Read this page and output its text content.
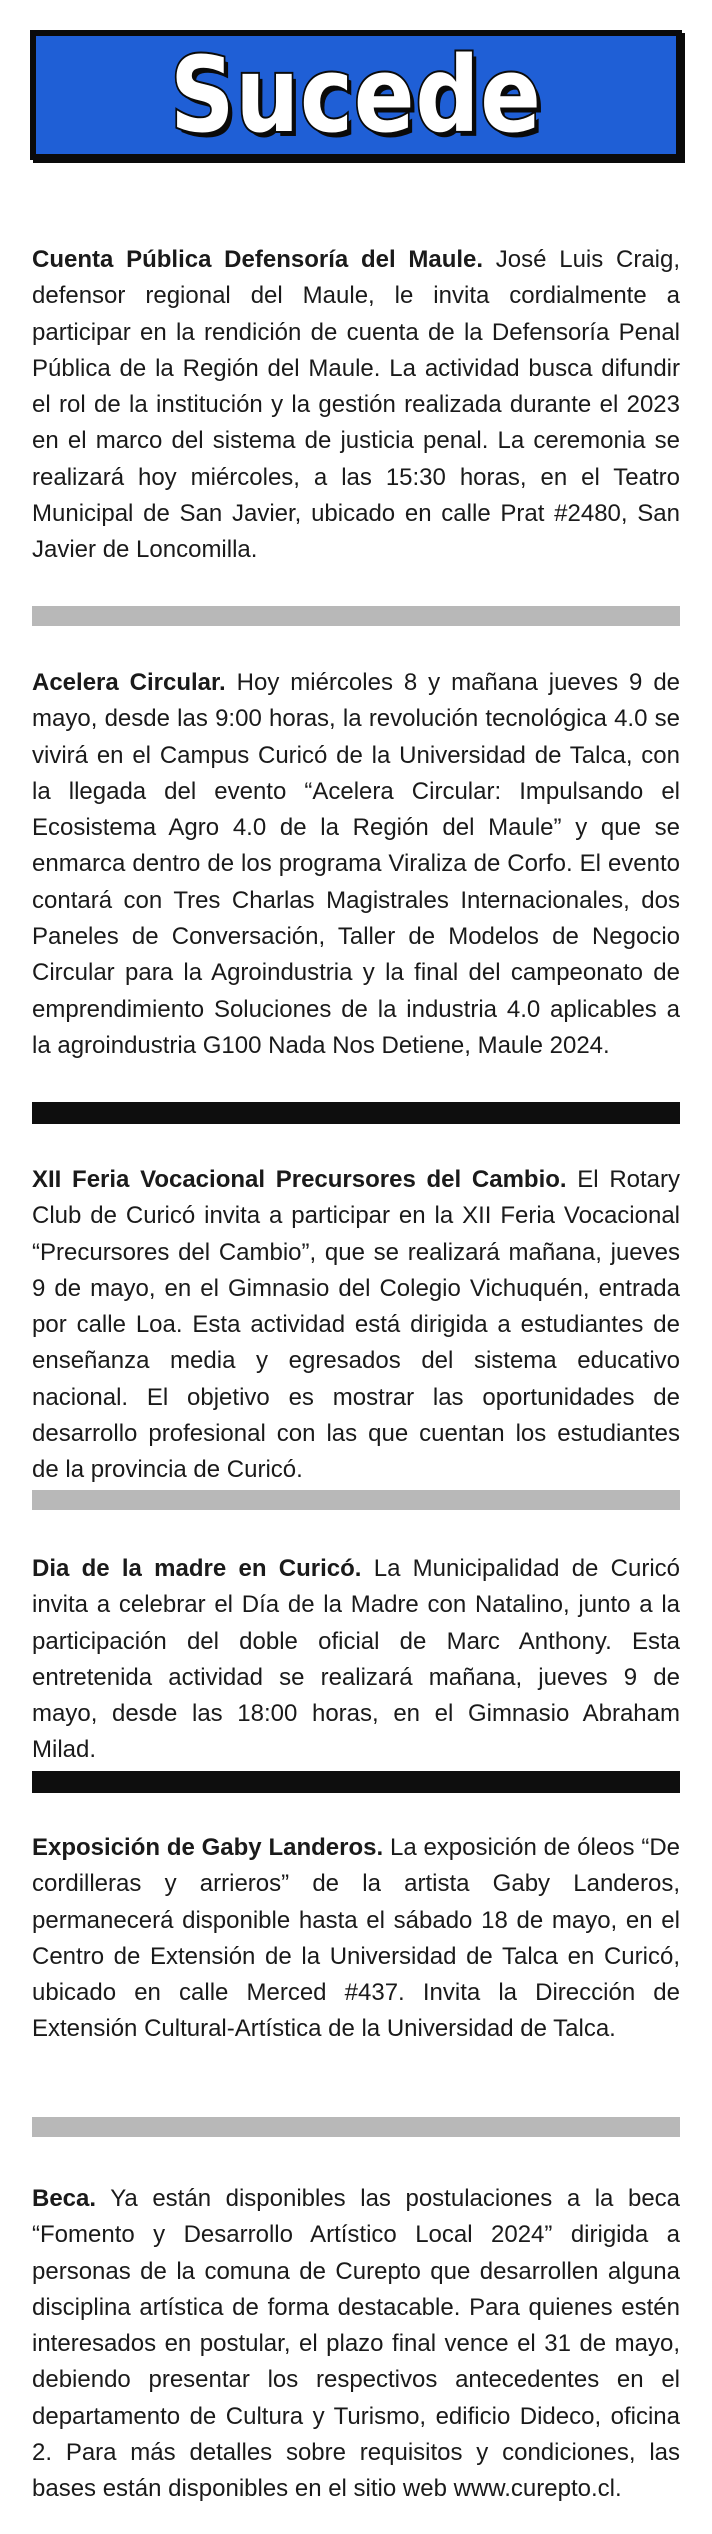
Sucede

Cuenta Pública Defensoría del Maule. José Luis Craig, defensor regional del Maule, le invita cordialmente a participar en la rendición de cuenta de la Defensoría Penal Pública de la Región del Maule. La actividad busca difundir el rol de la institución y la gestión realizada durante el 2023 en el marco del sistema de justicia penal. La ceremonia se realizará hoy miércoles, a las 15:30 horas, en el Teatro Municipal de San Javier, ubicado en calle Prat #2480, San Javier de Loncomilla.

Acelera Circular. Hoy miércoles 8 y mañana jueves 9 de mayo, desde las 9:00 horas, la revolución tecnológica 4.0 se vivirá en el Campus Curicó de la Universidad de Talca, con la llegada del evento “Acelera Circular: Impulsando el Ecosistema Agro 4.0 de la Región del Maule” y que se enmarca dentro de los programa Viraliza de Corfo. El evento contará con Tres Charlas Magistrales Internacionales, dos Paneles de Conversación, Taller de Modelos de Negocio Circular para la Agroindustria y la final del campeonato de emprendimiento Soluciones de la industria 4.0 aplicables a la agroindustria G100 Nada Nos Detiene, Maule 2024.

XII Feria Vocacional Precursores del Cambio. El Rotary Club de Curicó invita a participar en la XII Feria Vocacional “Precursores del Cambio”, que se realizará mañana, jueves 9 de mayo, en el Gimnasio del Colegio Vichuquén, entrada por calle Loa. Esta actividad está dirigida a estudiantes de enseñanza media y egresados del sistema educativo nacional. El objetivo es mostrar las oportunidades de desarrollo profesional con las que cuentan los estudiantes de la provincia de Curicó.

Dia de la madre en Curicó. La Municipalidad de Curicó invita a celebrar el Día de la Madre con Natalino, junto a la participación del doble oficial de Marc Anthony. Esta entretenida actividad se realizará mañana, jueves 9 de mayo, desde las 18:00 horas, en el Gimnasio Abraham Milad.

Exposición de Gaby Landeros. La exposición de óleos “De cordilleras y arrieros” de la artista Gaby Landeros, permanecerá disponible hasta el sábado 18 de mayo, en el Centro de Extensión de la Universidad de Talca en Curicó, ubicado en calle Merced #437. Invita la Dirección de Extensión Cultural-Artística de la Universidad de Talca.

Beca. Ya están disponibles las postulaciones a la beca “Fomento y Desarrollo Artístico Local 2024” dirigida a personas de la comuna de Curepto que desarrollen alguna disciplina artística de forma destacable. Para quienes estén interesados en postular, el plazo final vence el 31 de mayo, debiendo presentar los respectivos antecedentes en el departamento de Cultura y Turismo, edificio Dideco, oficina 2. Para más detalles sobre requisitos y condiciones, las bases están disponibles en el sitio web www.curepto.cl.
